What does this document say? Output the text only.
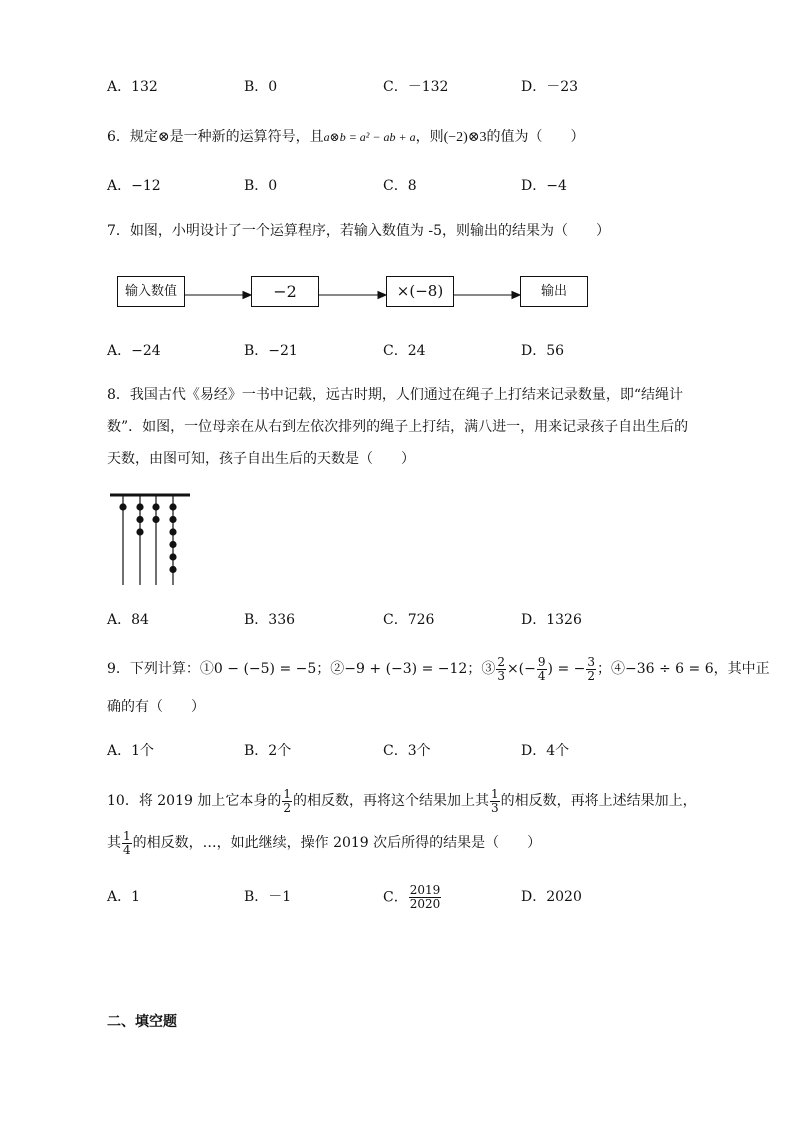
A．132	B．0	C．－132	D．－23
6．规定⊗是一种新的运算符号，且a⊗b = a² − ab + a，则(−2)⊗3的值为（　　）
A．−12	B．0	C．8	D．−4
7．如图，小明设计了一个运算程序，若输入数值为 -5，则输出的结果为（　　）
输入数值	−2	×(−8)	输出
A．−24	B．−21	C．24	D．56
8．我国古代《易经》一书中记载，远古时期，人们通过在绳子上打结来记录数量，即“结绳计
数”．如图，一位母亲在从右到左依次排列的绳子上打结，满八进一，用来记录孩子自出生后的
天数，由图可知，孩子自出生后的天数是（　　）
A．84	B．336	C．726	D．1326
9．下列计算：①0 − (−5) = −5；②−9 + (−3) = −12；③ $\frac{2}{3}$ ×(− $\frac{9}{4}$ ) = − $\frac{3}{2}$ ；④−36 ÷ 6 = 6，其中正
确的有（　　）
A．1个	B．2个	C．3个	D．4个
10．将 2019 加上它本身的 $\frac{1}{2}$ 的相反数，再将这个结果加上其 $\frac{1}{3}$ 的相反数，再将上述结果加上，
其 $\frac{1}{4}$ 的相反数，…，如此继续，操作 2019 次后所得的结果是（　　）
A．1	B．－1	C． $\frac{2019}{2020}$	D．2020
二、填空题
